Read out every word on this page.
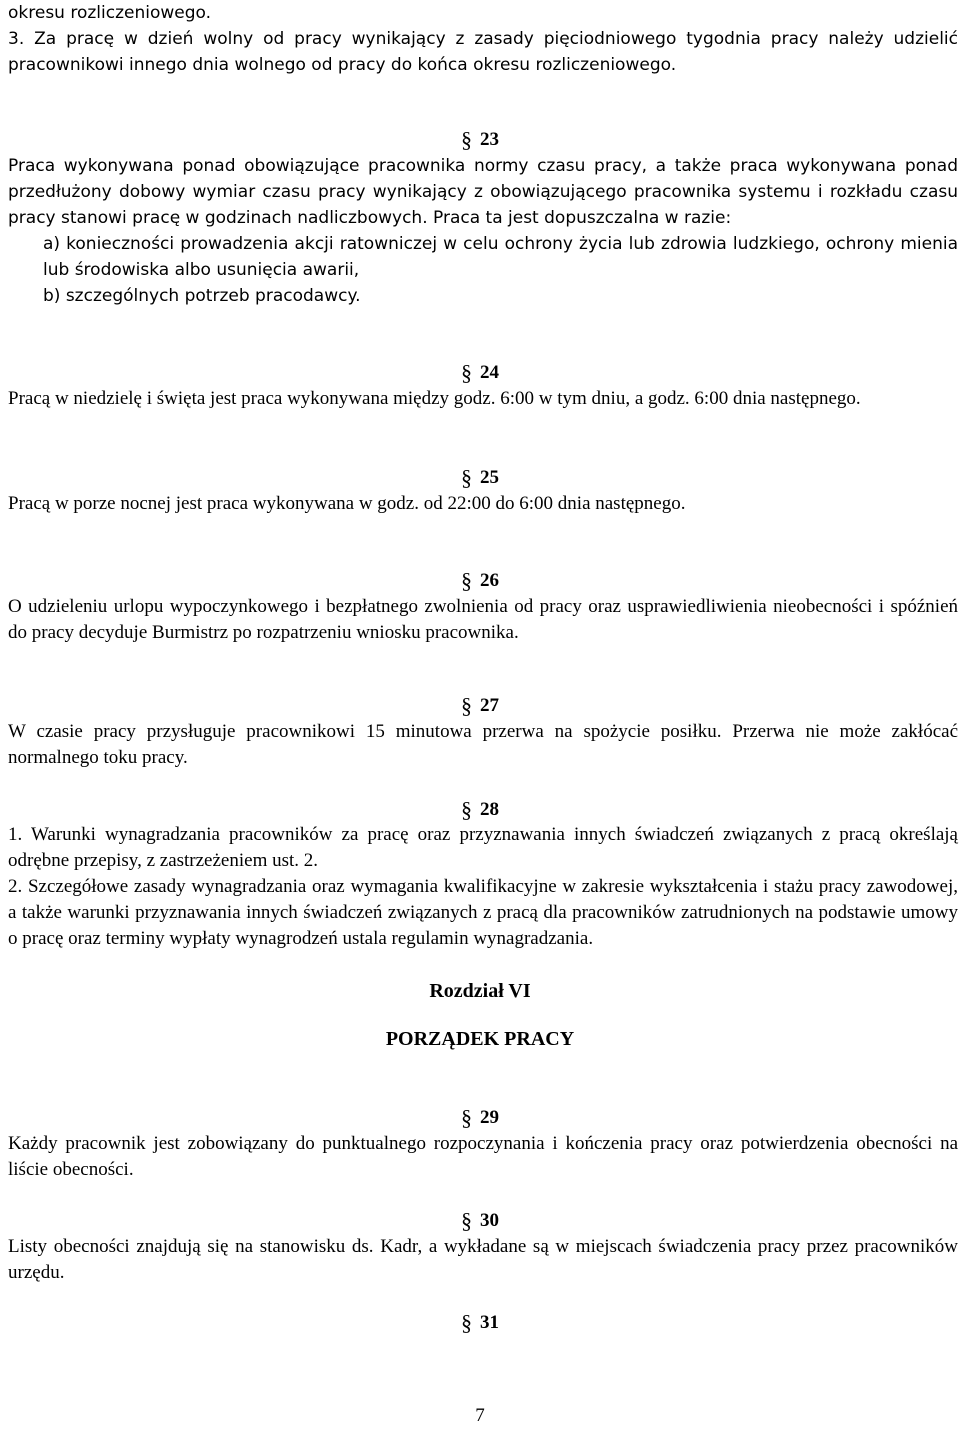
okresu rozliczeniowego.

3. Za pracę w dzień wolny od pracy wynikający z zasady pięciodniowego tygodnia pracy należy udzielić pracownikowi innego dnia wolnego od pracy do końca okresu rozliczeniowego.

§ 23

Praca wykonywana ponad obowiązujące pracownika normy czasu pracy, a także praca wykonywana ponad przedłużony dobowy wymiar czasu pracy wynikający z obowiązującego pracownika systemu i rozkładu czasu pracy stanowi pracę w godzinach nadliczbowych. Praca ta jest dopuszczalna w razie:
a) konieczności prowadzenia akcji ratowniczej w celu ochrony życia lub zdrowia ludzkiego, ochrony mienia lub środowiska albo usunięcia awarii,
b) szczególnych potrzeb pracodawcy.

§ 24

Pracą w niedzielę i święta jest praca wykonywana między godz. 6:00 w tym dniu, a godz. 6:00 dnia następnego.

§ 25

Pracą w porze nocnej jest praca wykonywana w godz. od 22:00 do 6:00 dnia następnego.

§ 26

O udzieleniu urlopu wypoczynkowego i bezpłatnego zwolnienia od pracy oraz usprawiedliwienia nieobecności i spóźnień do pracy decyduje Burmistrz po rozpatrzeniu wniosku pracownika.

§ 27

W czasie pracy przysługuje pracownikowi 15 minutowa przerwa na spożycie posiłku. Przerwa nie może zakłócać normalnego toku pracy.

§ 28

1. Warunki wynagradzania pracowników za pracę oraz przyznawania innych świadczeń związanych z pracą określają odrębne przepisy, z zastrzeżeniem ust. 2.
2. Szczegółowe zasady wynagradzania oraz wymagania kwalifikacyjne w zakresie wykształcenia i stażu pracy zawodowej, a także warunki przyznawania innych świadczeń związanych z pracą dla pracowników zatrudnionych na podstawie umowy o pracę oraz terminy wypłaty wynagrodzeń ustala regulamin wynagradzania.

Rozdział VI

PORZĄDEK PRACY

§ 29

Każdy pracownik jest zobowiązany do punktualnego rozpoczynania i kończenia pracy oraz potwierdzenia obecności na liście obecności.

§ 30

Listy obecności znajdują się na stanowisku ds. Kadr, a wykładane są w miejscach świadczenia pracy przez pracowników urzędu.

§ 31

7
